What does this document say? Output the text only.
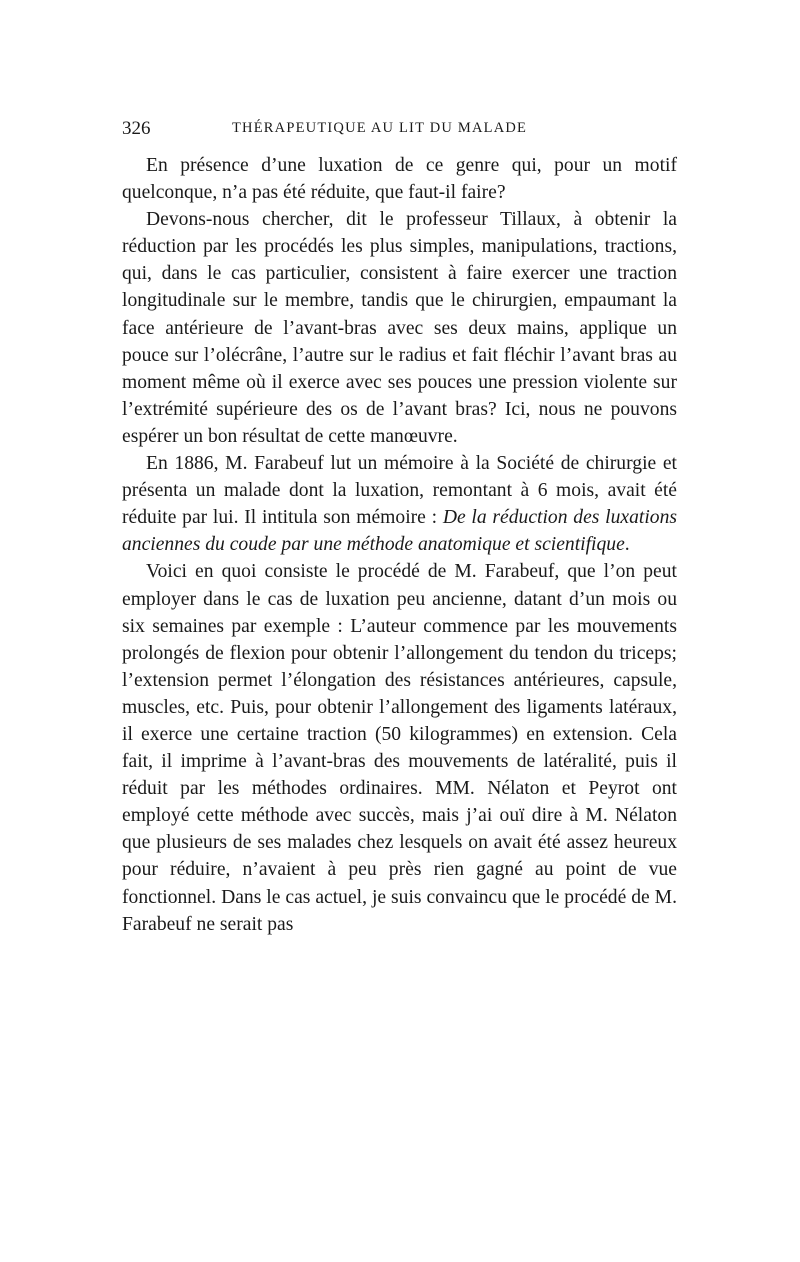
326	THÉRAPEUTIQUE AU LIT DU MALADE

En présence d’une luxation de ce genre qui, pour un motif quelconque, n’a pas été réduite, que faut-il faire?

Devons-nous chercher, dit le professeur Tillaux, à obtenir la réduction par les procédés les plus simples, manipulations, tractions, qui, dans le cas particulier, consistent à faire exercer une traction longitudinale sur le membre, tandis que le chirurgien, empaumant la face antérieure de l’avant-bras avec ses deux mains, applique un pouce sur l’olécrâne, l’autre sur le radius et fait fléchir l’avant bras au moment même où il exerce avec ses pouces une pression violente sur l’extrémité supérieure des os de l’avant bras? Ici, nous ne pouvons espérer un bon résultat de cette manœuvre.

En 1886, M. Farabeuf lut un mémoire à la Société de chirurgie et présenta un malade dont la luxation, remontant à 6 mois, avait été réduite par lui. Il intitula son mémoire : De la réduction des luxations anciennes du coude par une méthode anatomique et scientifique.

Voici en quoi consiste le procédé de M. Farabeuf, que l’on peut employer dans le cas de luxation peu ancienne, datant d’un mois ou six semaines par exemple : L’auteur commence par les mouvements prolongés de flexion pour obtenir l’allongement du tendon du triceps; l’extension permet l’élongation des résistances antérieures, capsule, muscles, etc. Puis, pour obtenir l’allongement des ligaments latéraux, il exerce une certaine traction (50 kilogrammes) en extension. Cela fait, il imprime à l’avant-bras des mouvements de latéralité, puis il réduit par les méthodes ordinaires. MM. Nélaton et Peyrot ont employé cette méthode avec succès, mais j’ai ouï dire à M. Nélaton que plusieurs de ses malades chez lesquels on avait été assez heureux pour réduire, n’avaient à peu près rien gagné au point de vue fonctionnel. Dans le cas actuel, je suis convaincu que le procédé de M. Farabeuf ne serait pas
